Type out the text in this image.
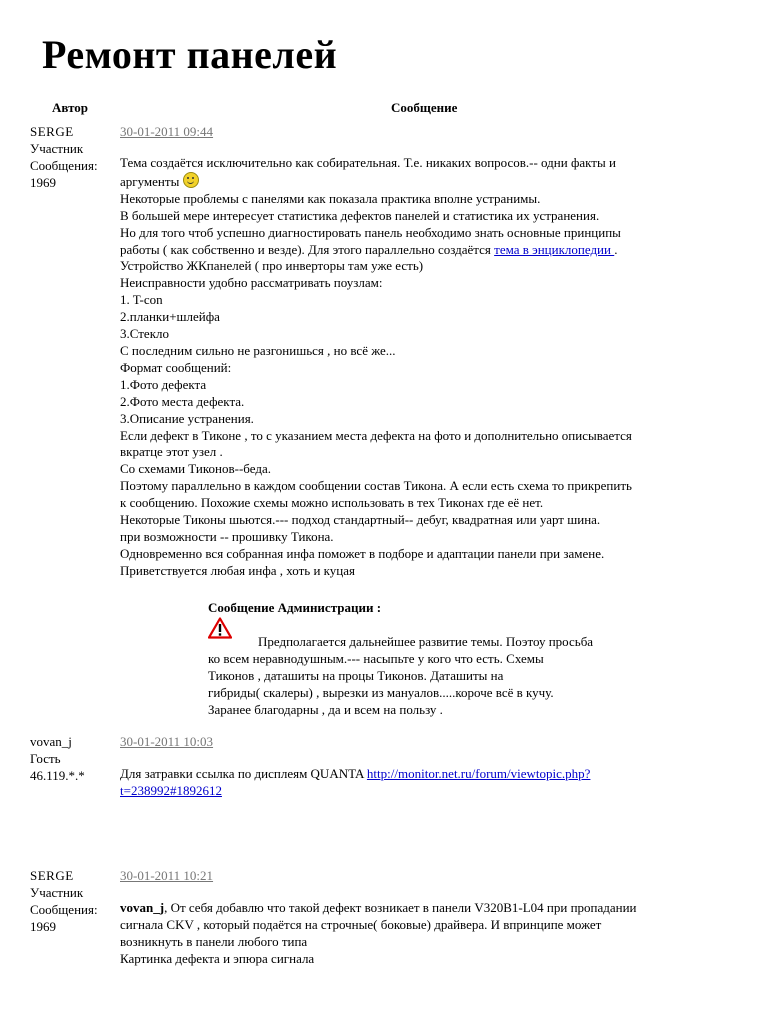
Ремонт панелей
Автор	Сообщение
SERGE
Участник
Сообщения:
1969
30-01-2011 09:44
Тема создаётся исключительно как собирательная. Т.е. никаких вопросов.-- одни факты и
аргументы
Некоторые проблемы с панелями как показала практика вполне устранимы.
В большей мере интересует статистика дефектов панелей и статистика их устранения.
Но для того чтоб успешно диагностировать панель необходимо знать основные принципы
работы ( как собственно и везде). Для этого параллельно создаётся тема в энциклопедии .
Устройство ЖКпанелей ( про инверторы там уже есть)
Неисправности удобно рассматривать поузлам:
1. T-con
2.планки+шлейфа
3.Стекло
С последним сильно не разгонишься , но всё же...
Формат сообщений:
1.Фото дефекта
2.Фото места дефекта.
3.Описание устранения.
Если дефект в Тиконе , то с указанием места дефекта на фото и дополнительно описывается
вкратце этот узел .
Со схемами Тиконов--беда.
Поэтому параллельно в каждом сообщении состав Тикона. А если есть схема то прикрепить
к сообщению. Похожие схемы можно использовать в тех Тиконах где её нет.
Некоторые Тиконы шьются.--- подход стандартный-- дебуг, квадратная или уарт шина.
при возможности -- прошивку Тикона.
Одновременно вся собранная инфа поможет в подборе и адаптации панели при замене.
Приветствуется любая инфа , хоть и куцая
Сообщение Администрации :
Предполагается дальнейшее развитие темы. Поэтоу просьба
ко всем неравнодушным.--- насыпьте у кого что есть. Схемы
Тиконов , даташиты на процы Тиконов. Даташиты на
гибриды( скалеры) , вырезки из мануалов.....короче всё в кучу.
Заранее благодарны , да и всем на пользу .
vovan_j
Гость
46.119.*.*
30-01-2011 10:03
Для затравки ссылка по дисплеям QUANTA http://monitor.net.ru/forum/viewtopic.php?
t=238992#1892612
SERGE
Участник
Сообщения:
1969
30-01-2011 10:21
vovan_j, От себя добавлю что такой дефект возникает в панели V320B1-L04 при пропадании
сигнала CKV , который подаётся на строчные( боковые) драйвера. И впринципе может
возникнуть в панели любого типа
Картинка дефекта и эпюра сигнала
